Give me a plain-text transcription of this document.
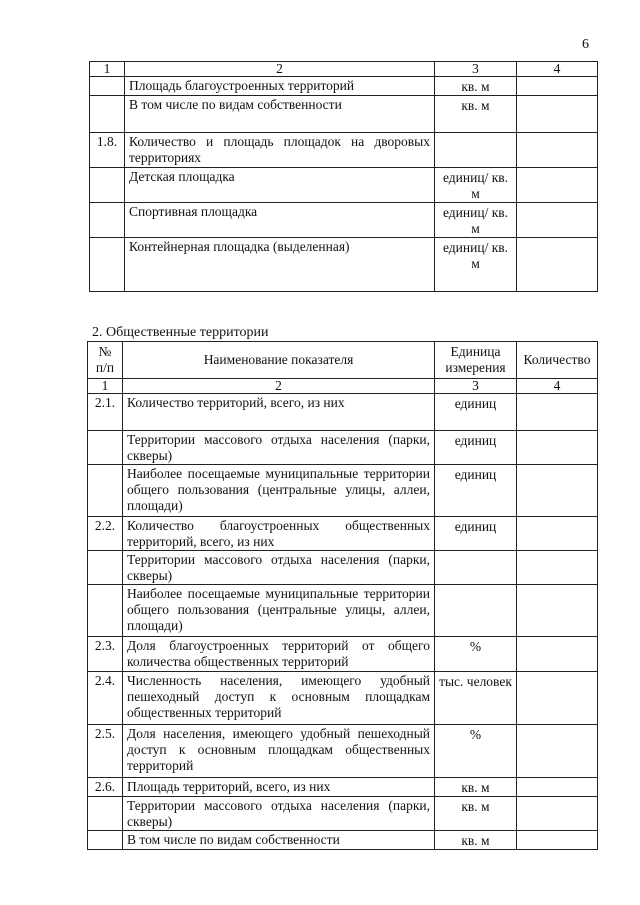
6
1	2	3	4
	Площадь благоустроенных территорий	кв. м	
	В том числе по видам собственности	кв. м	
1.8.	Количество и площадь площадок на дворовых территориях		
	Детская площадка	единиц/ кв. м	
	Спортивная площадка	единиц/ кв. м	
	Контейнерная площадка (выделенная)	единиц/ кв. м	
2. Общественные территории
№ п/п	Наименование показателя	Единица измерения	Количество
1	2	3	4
2.1.	Количество территорий, всего, из них	единиц	
	Территории массового отдыха населения (парки, скверы)	единиц	
	Наиболее посещаемые муниципальные территории общего пользования (центральные улицы, аллеи, площади)	единиц	
2.2.	Количество благоустроенных общественных территорий, всего, из них	единиц	
	Территории массового отдыха населения (парки, скверы)		
	Наиболее посещаемые муниципальные территории общего пользования (центральные улицы, аллеи, площади)		
2.3.	Доля благоустроенных территорий от общего количества общественных территорий	%	
2.4.	Численность населения, имеющего удобный пешеходный доступ к основным площадкам общественных территорий	тыс. человек	
2.5.	Доля населения, имеющего удобный пешеходный доступ к основным площадкам общественных территорий	%	
2.6.	Площадь территорий, всего, из них	кв. м	
	Территории массового отдыха населения (парки, скверы)	кв. м	
	В том числе по видам собственности	кв. м	
